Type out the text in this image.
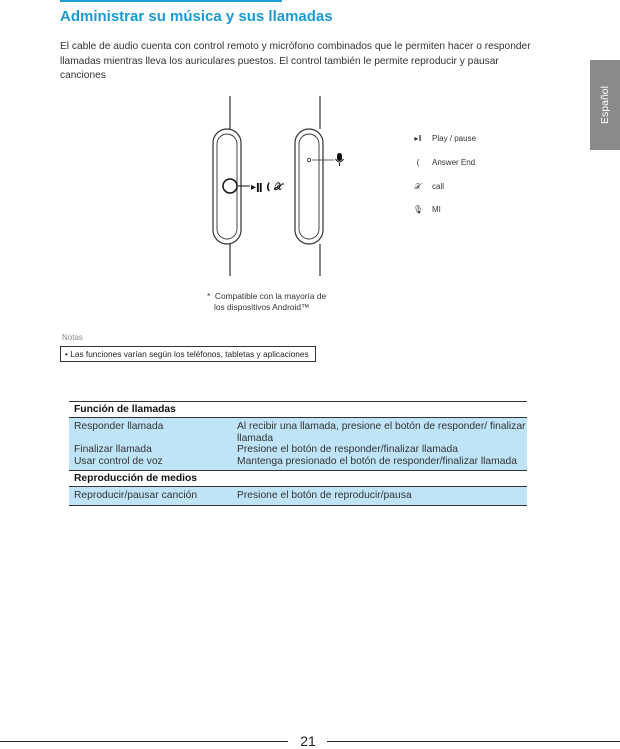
Administrar su música y sus llamadas
El cable de audio cuenta con control remoto y micrófono combinados que le permiten hacer o responder llamadas mientras lleva los auriculares puestos. El control también le permite reproducir y pausar canciones
Español
▸ǁ ( 𝒳
▸ǁ Play / pause
(	Answer End
𝒳	call
🎙 MI
*  Compatible con la mayoría de
los dispositivos Android™
Notas
• Las funciones varían según los teléfonos, tabletas y aplicaciones
Función de llamadas	
Responder llamada	Al recibir una llamada, presione el botón de responder/ finalizar llamada
Finalizar llamada	Presione el botón de responder/finalizar llamada
Usar control de voz	Mantenga presionado el botón de responder/finalizar llamada
Reproducción de medios	
Reproducir/pausar canción	Presione el botón de reproducir/pausa
21
